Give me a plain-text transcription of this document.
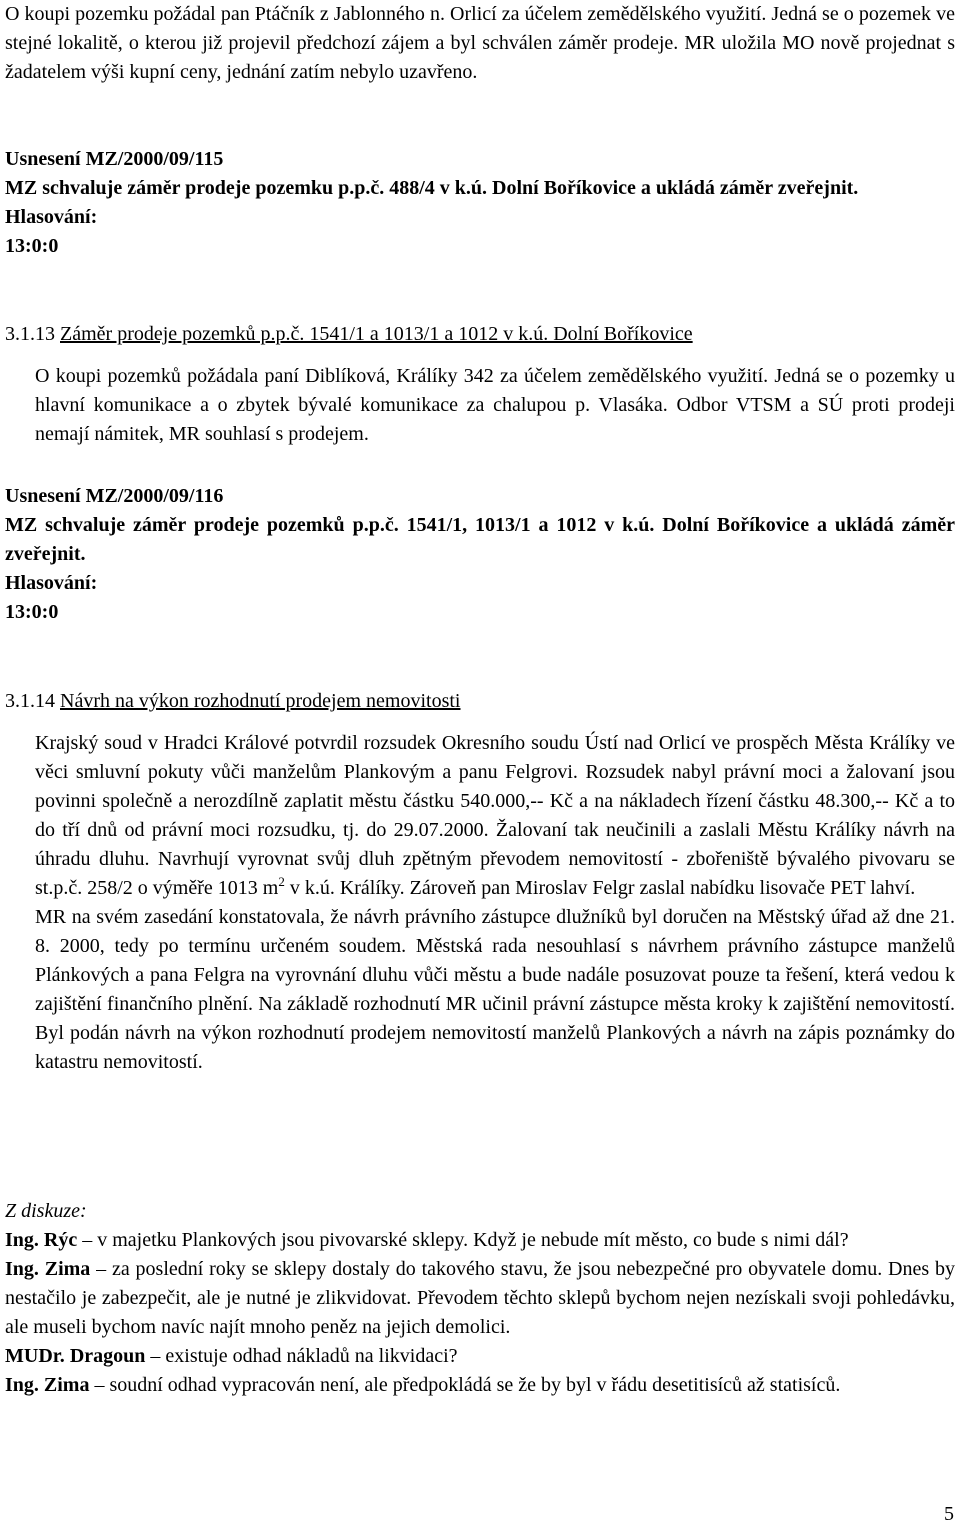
O koupi pozemku požádal pan Ptáčník z Jablonného n. Orlicí za účelem zemědělského využití. Jedná se o pozemek ve stejné lokalitě, o kterou již projevil předchozí zájem a byl schválen záměr prodeje. MR uložila MO nově projednat s žadatelem výši kupní ceny, jednání zatím nebylo uzavřeno.

Usnesení MZ/2000/09/115

MZ schvaluje záměr prodeje pozemku p.p.č. 488/4 v k.ú. Dolní Boříkovice a ukládá záměr zveřejnit.

Hlasování:

13:0:0

3.1.13 Záměr prodeje pozemků p.p.č. 1541/1 a 1013/1 a 1012 v k.ú. Dolní Boříkovice

O koupi pozemků požádala paní Diblíková, Králíky 342 za účelem zemědělského využití. Jedná se o pozemky u hlavní komunikace a o zbytek bývalé komunikace za chalupou p. Vlasáka. Odbor VTSM a SÚ proti prodeji nemají námitek, MR souhlasí s prodejem.

Usnesení MZ/2000/09/116

MZ schvaluje záměr prodeje pozemků p.p.č. 1541/1, 1013/1 a 1012 v k.ú. Dolní Boříkovice a ukládá záměr zveřejnit.

Hlasování:

13:0:0

3.1.14 Návrh na výkon rozhodnutí prodejem nemovitosti

Krajský soud v Hradci Králové potvrdil rozsudek Okresního soudu Ústí nad Orlicí ve prospěch Města Králíky ve věci smluvní pokuty vůči manželům Plankovým a panu Felgrovi. Rozsudek nabyl právní moci a žalovaní jsou povinni společně a nerozdílně zaplatit městu částku 540.000,-- Kč a na nákladech řízení částku 48.300,-- Kč a to do tří dnů od právní moci rozsudku, tj. do 29.07.2000. Žalovaní tak neučinili a zaslali Městu Králíky návrh na úhradu dluhu. Navrhují vyrovnat svůj dluh zpětným převodem nemovitostí - zbořeniště bývalého pivovaru se st.p.č. 258/2 o výměře 1013 $m^2$ v k.ú. Králíky. Zároveň pan Miroslav Felgr zaslal nabídku lisovače PET lahví.

MR na svém zasedání konstatovala, že návrh právního zástupce dlužníků byl doručen na Městský úřad až dne 21. 8. 2000, tedy po termínu určeném soudem. Městská rada nesouhlasí s návrhem právního zástupce manželů Plánkových a pana Felgra na vyrovnání dluhu vůči městu a bude nadále posuzovat pouze ta řešení, která vedou k zajištění finančního plnění. Na základě rozhodnutí MR učinil právní zástupce města kroky k zajištění nemovitostí. Byl podán návrh na výkon rozhodnutí prodejem nemovitostí manželů Plankových a návrh na zápis poznámky do katastru nemovitostí.

Z diskuze:

Ing. Rýc – v majetku Plankových jsou pivovarské sklepy. Když je nebude mít město, co bude s nimi dál?

Ing. Zima – za poslední roky se sklepy dostaly do takového stavu, že jsou nebezpečné pro obyvatele domu. Dnes by nestačilo je zabezpečit, ale je nutné je zlikvidovat. Převodem těchto sklepů bychom nejen nezískali svoji pohledávku, ale museli bychom navíc najít mnoho peněz na jejich demolici.

MUDr. Dragoun – existuje odhad nákladů na likvidaci?

Ing. Zima – soudní odhad vypracován není, ale předpokládá se že by byl v řádu desetitisíců až statisíců.

5
